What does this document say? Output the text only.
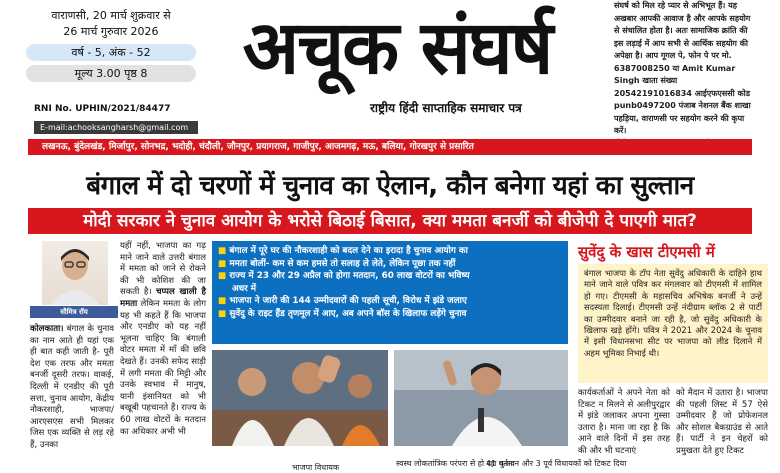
वाराणसी, 20 मार्च शुक्रवार से
26 मार्च गुरुवार 2026
वर्ष - 5, अंक - 52
मूल्य 3.00 पृष्ठ 8
RNI No. UPHIN/2021/84477
E-mail:achooksangharsh@gmail.com
अचूक संघर्ष
राष्ट्रीय हिंदी साप्ताहिक समाचार पत्र
संघर्ष को मिल रहे प्यार से अभिभूत हैं। यह अखबार आपकी आवाज है और आपके सहयोग से संचालित होता है। अतः सामाजिक क्रांति की इस लड़ाई में आप सभी से आर्थिक सहयोग की अपेक्षा है। आप गूगल पे, फोन पे पर मो. 6387008250 या Amit Kumar Singh खाता संख्या 20542191016834 आईएफएससी कोड punb0497200 पंजाब नेशनल बैंक शाखा पहड़िया, वाराणसी पर सहयोग करने की कृपा करें।
लखनऊ, बुंदेलखंड, मिर्जापुर, सोनभद्र, भदोही, चंदौली, जौनपुर, प्रयागराज, गाजीपुर, आजमगढ़, मऊ, बलिया, गोरखपुर से प्रसारित
बंगाल में दो चरणों में चुनाव का ऐलान, कौन बनेगा यहां का सुल्तान
मोदी सरकार ने चुनाव आयोग के भरोसे बिठाई बिसात, क्या ममता बनर्जी को बीजेपी दे पाएगी मात?
सौमित्र रॉय
कोलकाता। बंगाल के चुनाव का नाम आते ही यहां एक ही बात कही जाती है- पूरी देश एक तरफ और ममता बनर्जी दूसरी तरफ। वाकई, दिल्ली में एनडीए की पूरी सत्ता, चुनाव आयोग, केंद्रीय नौकरशाही, भाजपा/आरएसएस सभी मिलकर जिस एक व्यक्ति से लड़ रहे हैं, उनका
यहीं नहीं, भाजपा का गढ़ माने जाने वाले उत्तरी बंगाल में ममता को जाने से रोकने की भी कोशिश की जा सकती है। चप्पल खाली है ममता लेकिन ममता के लोग यह भी कहते हैं कि भाजपा और एनडीए को यह नहीं भूलना चाहिए कि बंगाली वोटर ममता में माँ की छवि देखते हैं। उनकी सफेद साड़ी में लगी ममता की मिट्टी और उनके स्वभाव में मानुष, यानी इंसानियत को भी बखूबी पहचानते हैं। राज्य के 60 लाख वोटरों के मतदान का अधिकार अभी भी
■ बंगाल में पूरे घर की नौकरशाही को बदल देने का इरादा है चुनाव आयोग का
■ ममता बोलीं- कम से कम हमसे तो सलाह ले लेते, लेकिन पूछा तक नहीं
■ राज्य में 23 और 29 अप्रैल को होगा मतदान, 60 लाख वोटरों का भविष्य
अधर में
■ भाजपा ने जारी की 144 उम्मीदवारों की पहली सूची, विरोध में झंडे जलाए
■ सुवेंदु के राइट हैंड तृणमूल में आए, अब अपने बॉस के खिलाफ लड़ेंगे चुनाव
भाजपा विधायक	स्वस्थ लोकतांत्रिक परंपरा से हो रहा चुनाव
41 वर्तमान और 3 पूर्व विधायकों को टिकट दिया
सुवेंदु के खास टीएमसी में
बंगाल भाजपा के टॉप नेता सुवेंदु अधिकारी के दाहिने हाथ माने जाने वाले पवित्र कर मंगलवार को टीएमसी में शामिल हो गए। टीएमसी के महासचिव अभिषेक बनर्जी ने उन्हें सदस्यता दिलाई। टीएमसी उन्हें नंदीग्राम ब्लॉक 2 से पार्टी का उम्मीदवार बनाने जा रही है, जो सुवेंदु अधिकारी के खिलाफ खड़े होंगे। पवित्र ने 2021 और 2024 के चुनाव में इसी विधानसभा सीट पर भाजपा को लीड दिलाने में अहम भूमिका निभाई थी।
कार्यकर्ताओं ने अपने नेता को टिकट न मिलने से अलीपुरद्वार में झंडे जलाकर अपना गुस्सा उतारा है। माना जा रहा है कि आने वाले दिनों में इस तरह की और भी घटनाएं
को मैदान में उतारा है। भाजपा की पहली लिस्ट में 57 ऐसे उम्मीदवार हैं जो प्रोफेशनल और सोशल बैकग्राउंड से आते हैं। पार्टी ने इन चेहरों को प्रमुखता देते हुए टिकट
